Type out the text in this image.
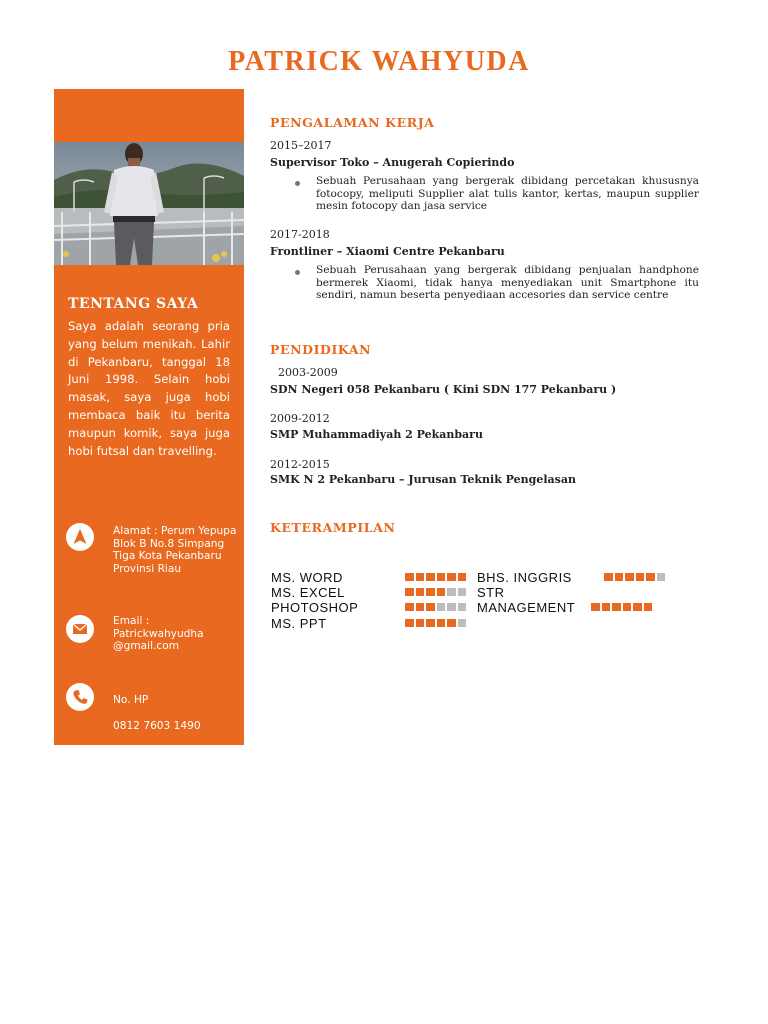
PATRICK WAHYUDA
TENTANG SAYA
Saya adalah seorang pria yang belum menikah. Lahir di Pekanbaru, tanggal 18 Juni 1998. Selain hobi masak, saya juga hobi membaca baik itu berita maupun komik, saya juga hobi futsal dan travelling.
Alamat : Perum Yepupa Blok B No.8 Simpang Tiga Kota Pekanbaru Provinsi Riau
Email :
Patrickwahyudha @gmail.com
No. HP
0812 7603 1490
PENGALAMAN KERJA
2015–2017
Supervisor Toko – Anugerah Copierindo
Sebuah Perusahaan yang bergerak dibidang percetakan khususnya fotocopy, meliputi Supplier alat tulis kantor, kertas, maupun supplier mesin fotocopy dan jasa service
2017-2018
Frontliner – Xiaomi Centre Pekanbaru
Sebuah Perusahaan yang bergerak dibidang penjualan handphone bermerek Xiaomi, tidak hanya menyediakan unit Smartphone itu sendiri, namun beserta penyediaan accesories dan service centre
PENDIDIKAN
2003-2009
SDN Negeri 058 Pekanbaru ( Kini SDN 177 Pekanbaru )
2009-2012
SMP Muhammadiyah 2 Pekanbaru
2012-2015
SMK N 2 Pekanbaru – Jurusan Teknik Pengelasan
KETERAMPILAN
MS. WORD
MS. EXCEL
PHOTOSHOP
MS. PPT
BHS. INGGRIS
STR
MANAGEMENT
